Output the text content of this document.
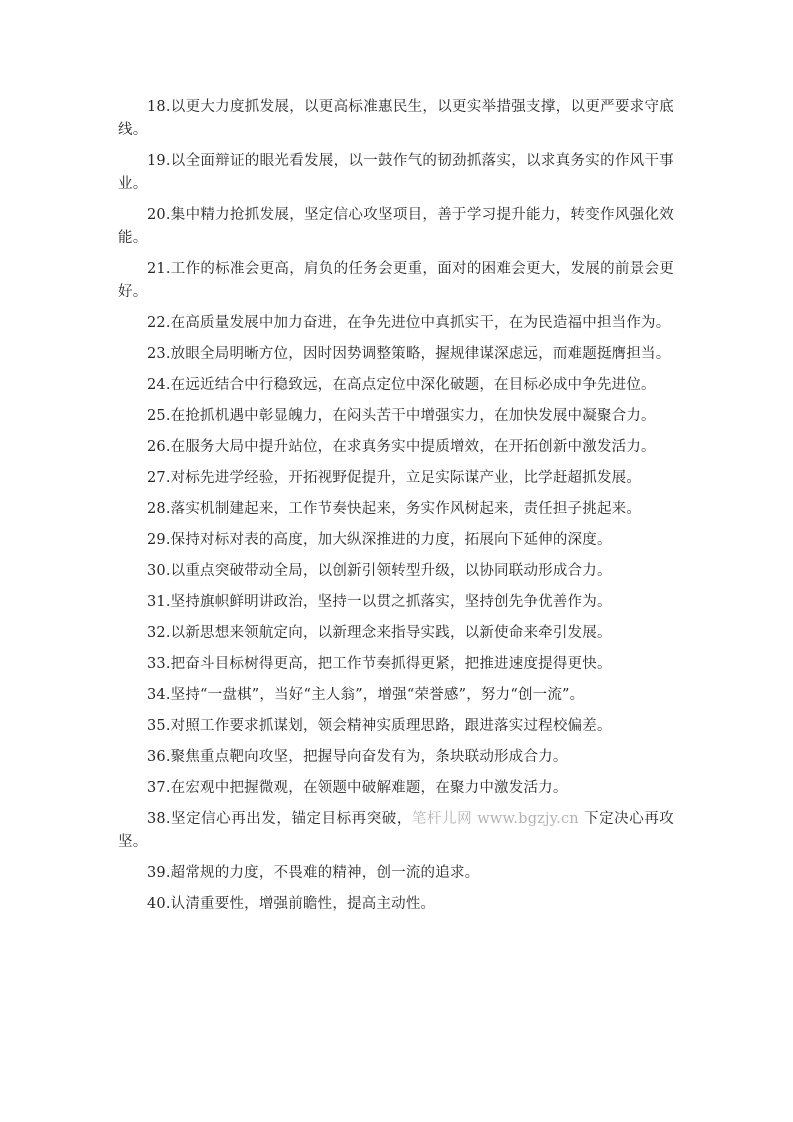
18.以更大力度抓发展，以更高标准惠民生，以更实举措强支撑，以更严要求守底线。

19.以全面辩证的眼光看发展，以一鼓作气的韧劲抓落实，以求真务实的作风干事业。

20.集中精力抢抓发展，坚定信心攻坚项目，善于学习提升能力，转变作风强化效能。

21.工作的标准会更高，肩负的任务会更重，面对的困难会更大，发展的前景会更好。

22.在高质量发展中加力奋进，在争先进位中真抓实干，在为民造福中担当作为。

23.放眼全局明晰方位，因时因势调整策略，握规律谋深虑远，而难题挺膺担当。

24.在远近结合中行稳致远，在高点定位中深化破题，在目标必成中争先进位。

25.在抢抓机遇中彰显魄力，在闷头苦干中增强实力，在加快发展中凝聚合力。

26.在服务大局中提升站位，在求真务实中提质增效，在开拓创新中激发活力。

27.对标先进学经验，开拓视野促提升，立足实际谋产业，比学赶超抓发展。

28.落实机制建起来，工作节奏快起来，务实作风树起来，责任担子挑起来。

29.保持对标对表的高度，加大纵深推进的力度，拓展向下延伸的深度。

30.以重点突破带动全局，以创新引领转型升级，以协同联动形成合力。

31.坚持旗帜鲜明讲政治，坚持一以贯之抓落实，坚持创先争优善作为。

32.以新思想来领航定向，以新理念来指导实践，以新使命来牵引发展。

33.把奋斗目标树得更高，把工作节奏抓得更紧，把推进速度提得更快。

34.坚持“一盘棋”，当好“主人翁”，增强“荣誉感”，努力“创一流”。

35.对照工作要求抓谋划，领会精神实质理思路，跟进落实过程校偏差。

36.聚焦重点靶向攻坚，把握导向奋发有为，条块联动形成合力。

37.在宏观中把握微观，在领题中破解难题，在聚力中激发活力。

38.坚定信心再出发，锚定目标再突破，笔杆儿网 www.bgzjy.cn 下定决心再攻坚。

39.超常规的力度，不畏难的精神，创一流的追求。

40.认清重要性，增强前瞻性，提高主动性。
